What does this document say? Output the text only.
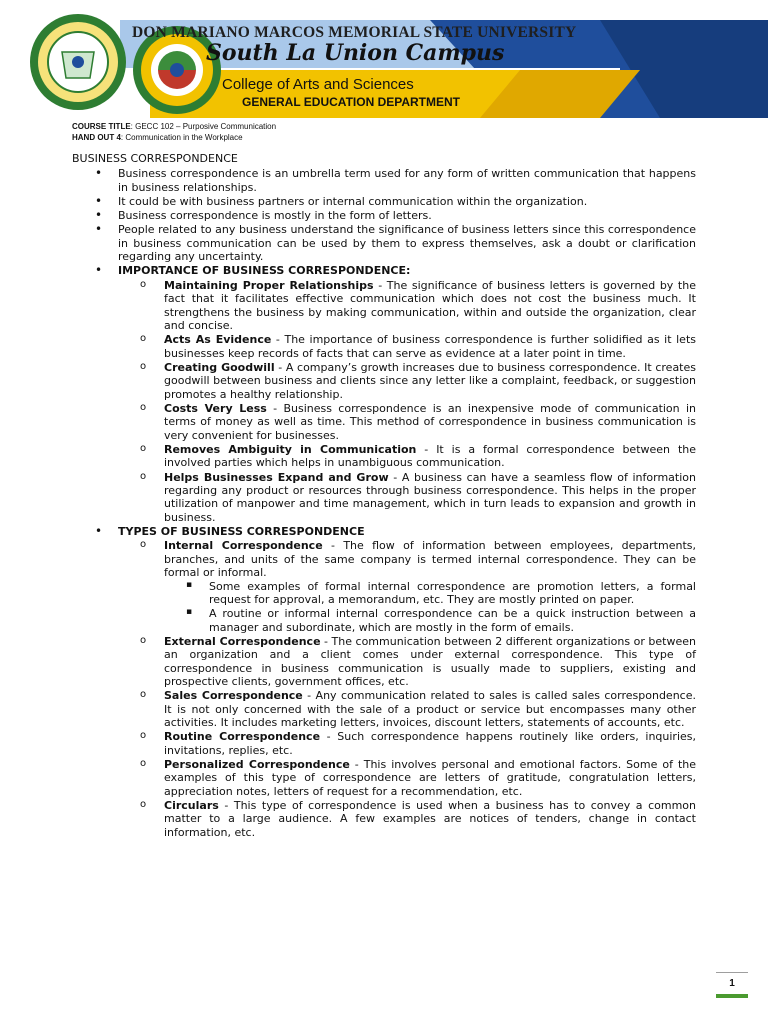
DON MARIANO MARCOS MEMORIAL STATE UNIVERSITY
South La Union Campus
College of Arts and Sciences
GENERAL EDUCATION DEPARTMENT
COURSE TITLE: GECC 102 – Purposive Communication
HAND OUT 4: Communication in the Workplace
BUSINESS CORRESPONDENCE
• Business correspondence is an umbrella term used for any form of written communication that happens in business relationships.
• It could be with business partners or internal communication within the organization.
• Business correspondence is mostly in the form of letters.
• People related to any business understand the significance of business letters since this correspondence in business communication can be used by them to express themselves, ask a doubt or clarification regarding any uncertainty.
• IMPORTANCE OF BUSINESS CORRESPONDENCE:
o Maintaining Proper Relationships - The significance of business letters is governed by the fact that it facilitates effective communication which does not cost the business much. It strengthens the business by making communication, within and outside the organization, clear and concise.
o Acts As Evidence - The importance of business correspondence is further solidified as it lets businesses keep records of facts that can serve as evidence at a later point in time.
o Creating Goodwill - A company’s growth increases due to business correspondence. It creates goodwill between business and clients since any letter like a complaint, feedback, or suggestion promotes a healthy relationship.
o Costs Very Less - Business correspondence is an inexpensive mode of communication in terms of money as well as time. This method of correspondence in business communication is very convenient for businesses.
o Removes Ambiguity in Communication - It is a formal correspondence between the involved parties which helps in unambiguous communication.
o Helps Businesses Expand and Grow - A business can have a seamless flow of information regarding any product or resources through business correspondence. This helps in the proper utilization of manpower and time management, which in turn leads to expansion and growth in business.
• TYPES OF BUSINESS CORRESPONDENCE
o Internal Correspondence - The flow of information between employees, departments, branches, and units of the same company is termed internal correspondence. They can be formal or informal.
▪ Some examples of formal internal correspondence are promotion letters, a formal request for approval, a memorandum, etc. They are mostly printed on paper.
▪ A routine or informal internal correspondence can be a quick instruction between a manager and subordinate, which are mostly in the form of emails.
o External Correspondence - The communication between 2 different organizations or between an organization and a client comes under external correspondence. This type of correspondence in business communication is usually made to suppliers, existing and prospective clients, government offices, etc.
o Sales Correspondence - Any communication related to sales is called sales correspondence. It is not only concerned with the sale of a product or service but encompasses many other activities. It includes marketing letters, invoices, discount letters, statements of accounts, etc.
o Routine Correspondence - Such correspondence happens routinely like orders, inquiries, invitations, replies, etc.
o Personalized Correspondence - This involves personal and emotional factors. Some of the examples of this type of correspondence are letters of gratitude, congratulation letters, appreciation notes, letters of request for a recommendation, etc.
o Circulars - This type of correspondence is used when a business has to convey a common matter to a large audience. A few examples are notices of tenders, change in contact information, etc.
1
